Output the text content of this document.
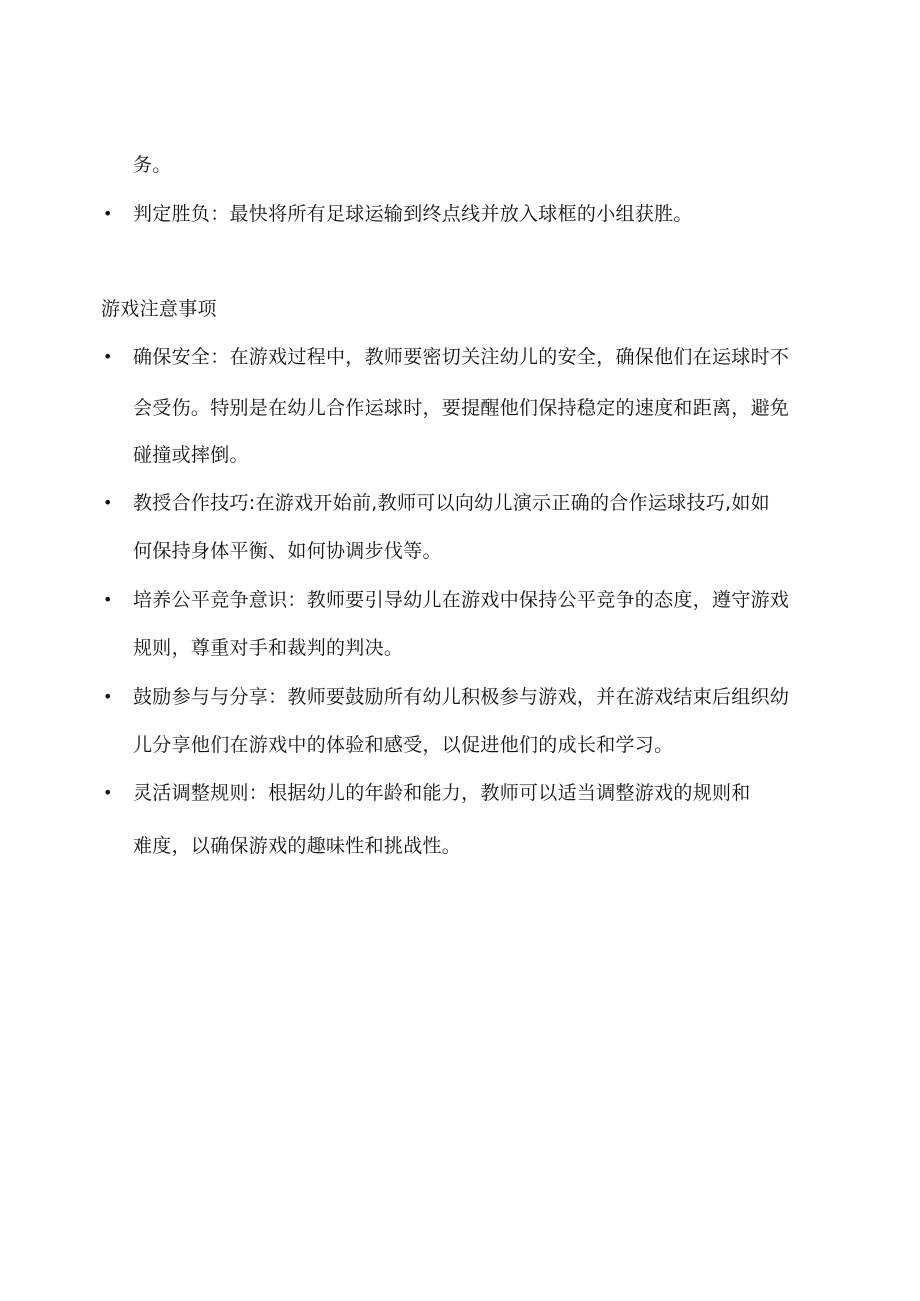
务。
• 判定胜负：最快将所有足球运输到终点线并放入球框的小组获胜。
游戏注意事项
• 确保安全：在游戏过程中，教师要密切关注幼儿的安全，确保他们在运球时不
会受伤。特别是在幼儿合作运球时，要提醒他们保持稳定的速度和距离，避免
碰撞或摔倒。
• 教授合作技巧:在游戏开始前,教师可以向幼儿演示正确的合作运球技巧,如如
何保持身体平衡、如何协调步伐等。
• 培养公平竞争意识：教师要引导幼儿在游戏中保持公平竞争的态度，遵守游戏
规则，尊重对手和裁判的判决。
• 鼓励参与与分享：教师要鼓励所有幼儿积极参与游戏，并在游戏结束后组织幼
儿分享他们在游戏中的体验和感受，以促进他们的成长和学习。
• 灵活调整规则：根据幼儿的年龄和能力，教师可以适当调整游戏的规则和
难度，以确保游戏的趣味性和挑战性。
